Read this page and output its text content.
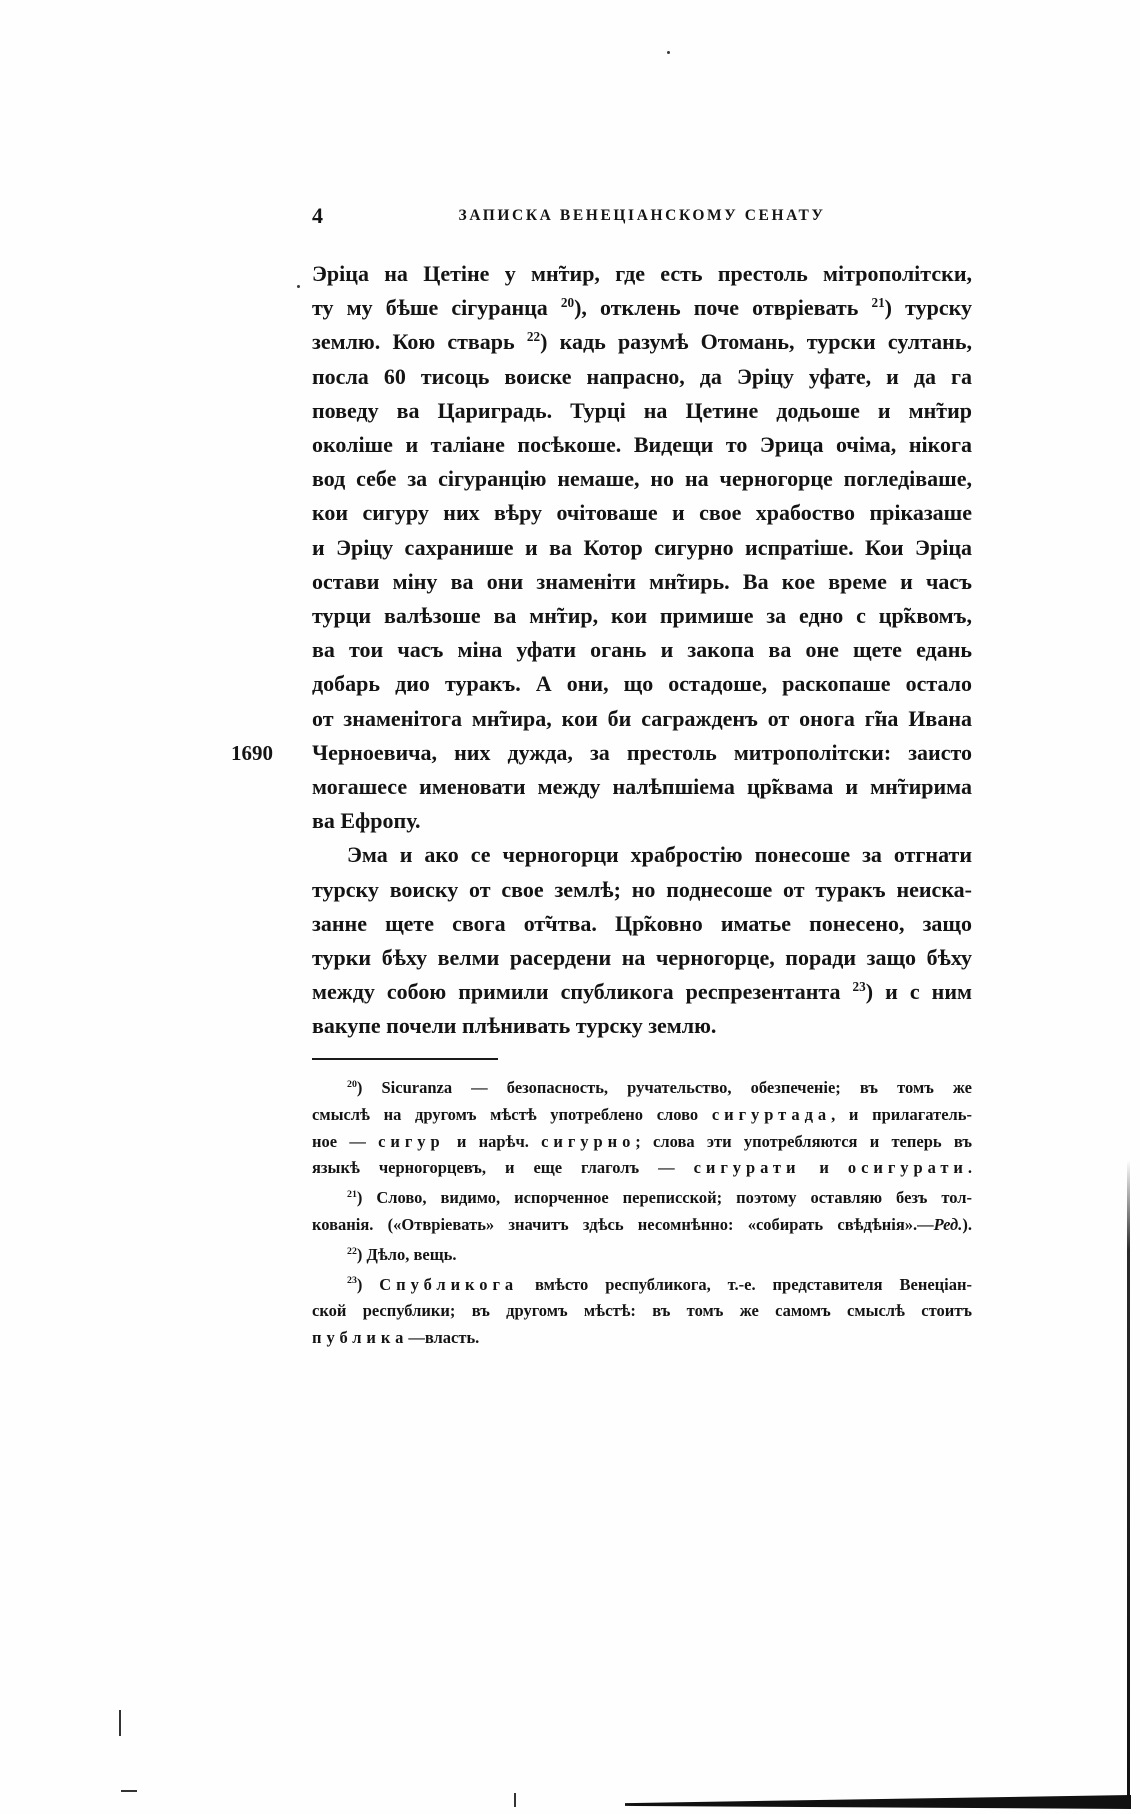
4	ЗАПИСКА ВЕНЕЦІАНСКОМУ СЕНАТУ
1690
Эріца на Цетіне у мн̃тир, где есть престоль мітрополітски,
ту му бѣше сігуранца $^{20}$), отклень поче отвріевать $^{21}$) турску
землю. Кою стварь $^{22}$) кадь разумѣ Отомань, турски султань,
посла 60 тисоць воиске напрасно, да Эріцу уфате, и да га
поведу ва Цариградь. Турці на Цетине додьоше и мн̃тир
околіше и таліане посѣкоше. Видещи то Эрица очіма, нікога
вод себе за сігуранцію немаше, но на черногорце погледіваше,
кои сигуру них вѣру очітоваше и свое храбоство пріказаше
и Эріцу сахранише и ва Котор сигурно испратіше. Кои Эріца
остави міну ва они знаменіти мн̃тирь. Ва кое време и часъ
турци валѣзоше ва мн̃тир, кои примише за едно с цр̃квомъ,
ва тои часъ міна уфати огань и закопа ва оне щете едань
добарь дио туракъ. А они, що остадоше, раскопаше остало
от знаменітога мн̃тира, кои би сагражденъ от онога г̃на Ивана
Черноевича, них дужда, за престоль митрополітски: заисто
могашесе именовати между налѣпшіема цр̃квама и мн̃тирима
ва Ефропу.
Эма и ако се черногорци храбростію понесоше за отгнати
турску воиску от свое землѣ; но поднесоше от туракъ неиска-
занне щете свога от̃чтва. Цр̃ковно иматье понесено, защо
турки бѣху велми расердени на черногорце, поради защо бѣху
между собою примили спубликога респрезентанта $^{23}$) и с ним
вакупе почели плѣнивать турску землю.
$^{20}$) Sicuranza — безопасность, ручательство, обезпеченіе; въ томъ же
смыслѣ на другомъ мѣстѣ употреблено слово сигуртада, и прилагатель-
ное — сигур и нарѣч. сигурно; слова эти употребляются и теперь въ
языкѣ черногорцевъ, и еще глаголъ — сигурати и осигурати.
$^{21}$) Слово, видимо, испорченное переписской; поэтому оставляю безъ тол-
кованія. («Отвріевать» значитъ здѣсь несомнѣнно: «собирать свѣдѣнія».—Ред.).
$^{22}$) Дѣло, вещь.
$^{23}$) Спубликога вмѣсто республикога, т.-е. представителя Венеціан-
ской республики; въ другомъ мѣстѣ: въ томъ же самомъ смыслѣ стоитъ
публика—власть.
